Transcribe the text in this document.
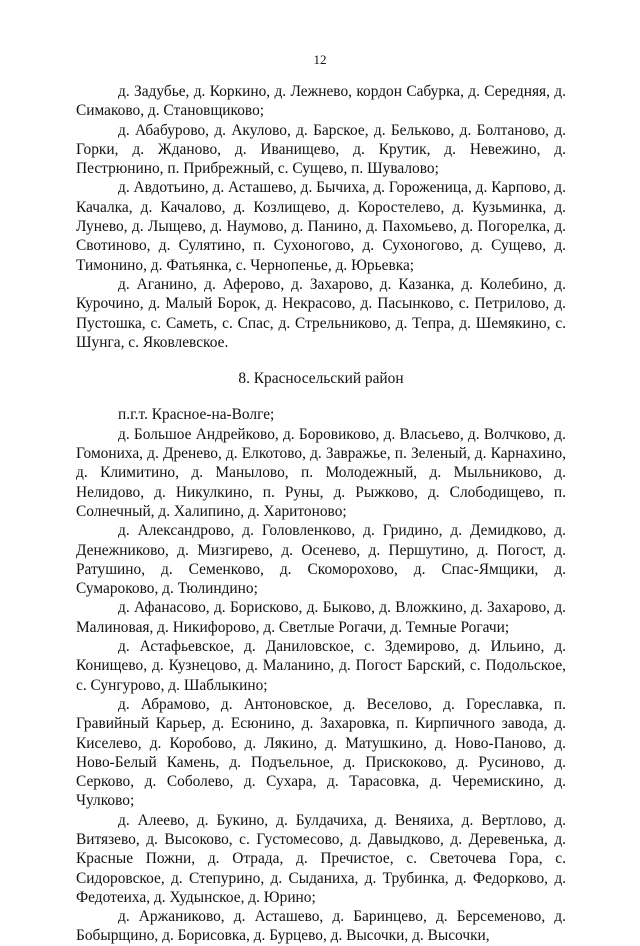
12

д. Задубье, д. Коркино, д. Лежнево, кордон Сабурка, д. Середняя, д. Симаково, д. Становщиково;

д. Абабурово, д. Акулово, д. Барское, д. Бельково, д. Болтаново, д. Горки, д. Жданово, д. Иванищево, д. Крутик, д. Невежино, д. Пестрюнино, п. Прибрежный, с. Сущево, п. Шувалово;

д. Авдотьино, д. Асташево, д. Бычиха, д. Гороженица, д. Карпово, д. Качалка, д. Качалово, д. Козлищево, д. Коростелево, д. Кузьминка, д. Лунево, д. Лыщево, д. Наумово, д. Панино, д. Пахомьево, д. Погорелка, д. Свотиново, д. Сулятино, п. Сухоногово, д. Сухоногово, д. Сущево, д. Тимонино, д. Фатьянка, с. Чернопенье, д. Юрьевка;

д. Аганино, д. Аферово, д. Захарово, д. Казанка, д. Колебино, д. Курочино, д. Малый Борок, д. Некрасово, д. Пасынково, с. Петрилово, д. Пустошка, с. Саметь, с. Спас, д. Стрельниково, д. Тепра, д. Шемякино, с. Шунга, с. Яковлевское.

8. Красносельский район

п.г.т. Красное-на-Волге;

д. Большое Андрейково, д. Боровиково, д. Власьево, д. Волчково, д. Гомониха, д. Дренево, д. Елкотово, д. Завражье, п. Зеленый, д. Карнахино, д. Климитино, д. Манылово, п. Молодежный, д. Мыльниково, д. Нелидово, д. Никулкино, п. Руны, д. Рыжково, д. Слободищево, п. Солнечный, д. Халипино, д. Харитоново;

д. Александрово, д. Головленково, д. Гридино, д. Демидково, д. Денежниково, д. Мизгирево, д. Осенево, д. Першутино, д. Погост, д. Ратушино, д. Семенково, д. Скоморохово, д. Спас-Ямщики, д. Сумароково, д. Тюлиндино;

д. Афанасово, д. Борисково, д. Быково, д. Вложкино, д. Захарово, д. Малиновая, д. Никифорово, д. Светлые Рогачи, д. Темные Рогачи;

д. Астафьевское, д. Даниловское, с. Здемирово, д. Ильино, д. Конищево, д. Кузнецово, д. Маланино, д. Погост Барский, с. Подольское, с. Сунгурово, д. Шаблыкино;

д. Абрамово, д. Антоновское, д. Веселово, д. Гореславка, п. Гравийный Карьер, д. Есюнино, д. Захаровка, п. Кирпичного завода, д. Киселево, д. Коробово, д. Лякино, д. Матушкино, д. Ново-Паново, д. Ново-Белый Камень, д. Подъельное, д. Прискоково, д. Русиново, д. Серково, д. Соболево, д. Сухара, д. Тарасовка, д. Черемискино, д. Чулково;

д. Алеево, д. Букино, д. Булдачиха, д. Веняиха, д. Вертлово, д. Витязево, д. Высоково, с. Густомесово, д. Давыдково, д. Деревенька, д. Красные Пожни, д. Отрада, д. Пречистое, с. Светочева Гора, с. Сидоровское, д. Степурино, д. Сыданиха, д. Трубинка, д. Федорково, д. Федотеиха, д. Худынское, д. Юрино;

д. Аржаниково, д. Асташево, д. Баринцево, д. Берсеменово, д. Бобырщино, д. Борисовка, д. Бурцево, д. Высочки, д. Высочки,
